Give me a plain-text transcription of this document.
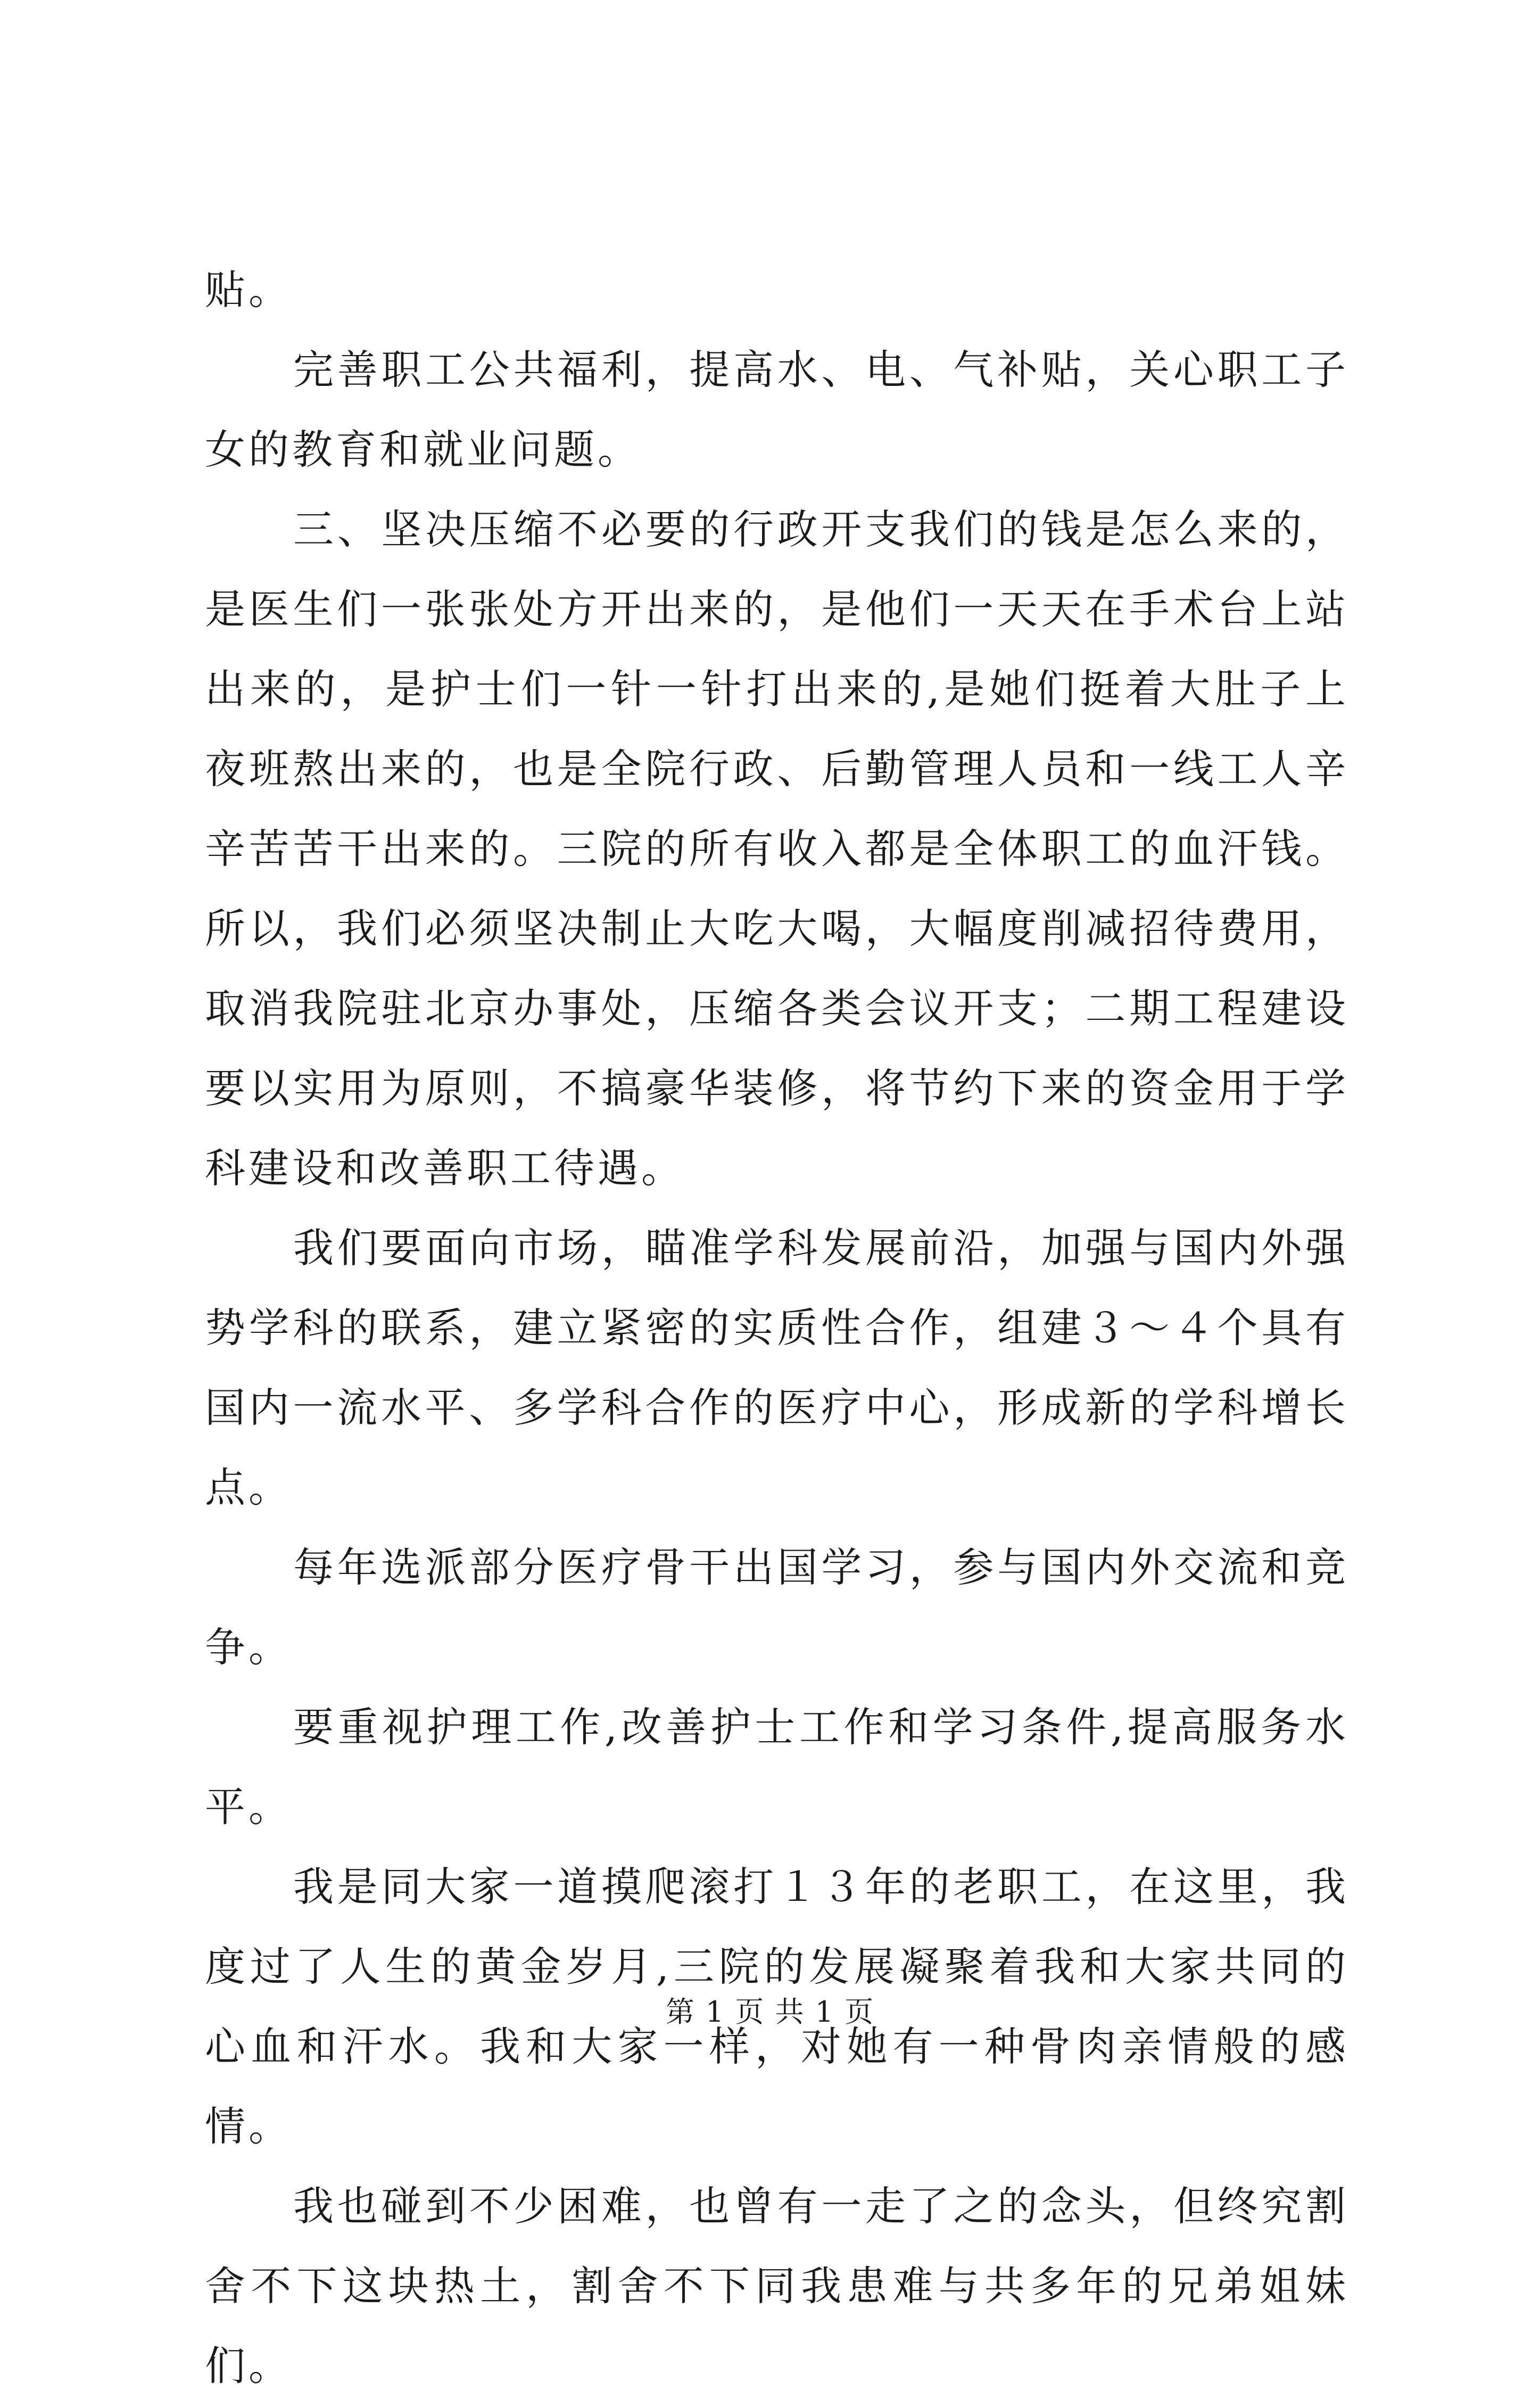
贴。

完善职工公共福利，提高水、电、气补贴，关心职工子女的教育和就业问题。

三、坚决压缩不必要的行政开支我们的钱是怎么来的，是医生们一张张处方开出来的，是他们一天天在手术台上站出来的，是护士们一针一针打出来的,是她们挺着大肚子上夜班熬出来的，也是全院行政、后勤管理人员和一线工人辛辛苦苦干出来的。三院的所有收入都是全体职工的血汗钱。所以，我们必须坚决制止大吃大喝，大幅度削减招待费用，取消我院驻北京办事处，压缩各类会议开支；二期工程建设要以实用为原则，不搞豪华装修，将节约下来的资金用于学科建设和改善职工待遇。

我们要面向市场，瞄准学科发展前沿，加强与国内外强势学科的联系，建立紧密的实质性合作，组建３～４个具有国内一流水平、多学科合作的医疗中心，形成新的学科增长点。

每年选派部分医疗骨干出国学习，参与国内外交流和竞争。

要重视护理工作,改善护士工作和学习条件,提高服务水平。

我是同大家一道摸爬滚打１３年的老职工，在这里，我度过了人生的黄金岁月,三院的发展凝聚着我和大家共同的心血和汗水。我和大家一样，对她有一种骨肉亲情般的感情。

我也碰到不少困难，也曾有一走了之的念头，但终究割舍不下这块热土，割舍不下同我患难与共多年的兄弟姐妹们。

第 1 页 共 1 页
